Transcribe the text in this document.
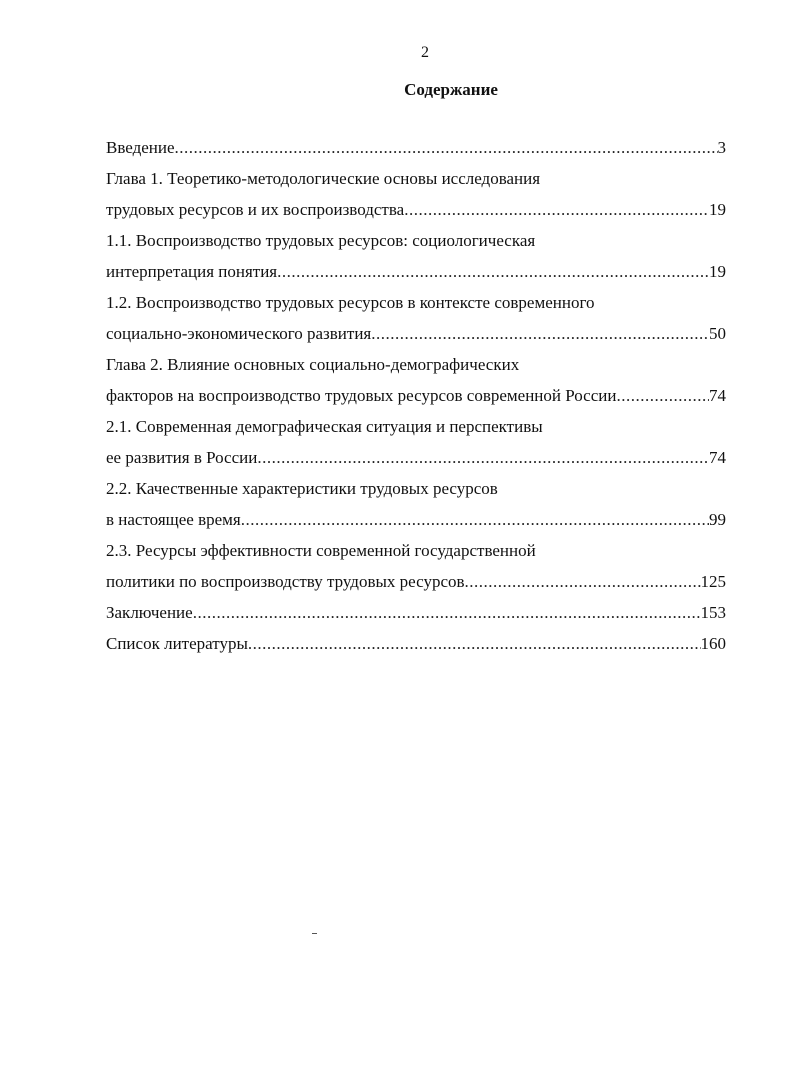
2
Содержание
Введение .....	3
Глава 1. Теоретико-методологические основы исследования
трудовых ресурсов и их воспроизводства .....	19
1.1. Воспроизводство трудовых ресурсов: социологическая
интерпретация понятия .....	19
1.2. Воспроизводство трудовых ресурсов в контексте современного
социально-экономического развития .....	50
Глава 2. Влияние основных социально-демографических
факторов на воспроизводство трудовых ресурсов современной России .....	74
2.1. Современная демографическая ситуация и перспективы
ее развития в России .....	74
2.2. Качественные характеристики трудовых ресурсов
в настоящее время .....	99
2.3. Ресурсы эффективности современной государственной
политики по воспроизводству трудовых ресурсов .....	125
Заключение .....	153
Список литературы .....	160
